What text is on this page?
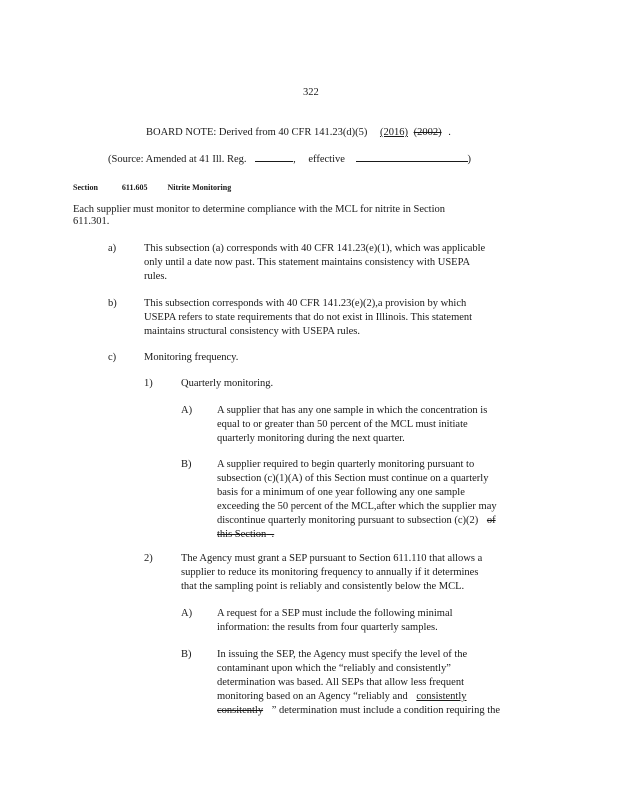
322
BOARD NOTE: Derived from 40 CFR 141.23(d)(5) (2016) (2002) .
(Source: Amended at 41 Ill. Reg.	, effective	)
Section	611.605	Nitrite Monitoring
Each supplier must monitor to determine compliance with the MCL for nitrite in Section
611.301.
a)	This subsection (a) corresponds with 40 CFR 141.23(e)(1), which was applicable
only until a date now past. This statement maintains consistency with USEPA
rules.
b)	This subsection corresponds with 40 CFR 141.23(e)(2),a provision by which
USEPA refers to state requirements that do not exist in Illinois. This statement
maintains structural consistency with USEPA rules.
c)	Monitoring frequency.
1)	Quarterly monitoring.
A) A supplier that has any one sample in which the concentration is
equal to or greater than 50 percent of the MCL must initiate
quarterly monitoring during the next quarter.
B) A supplier required to begin quarterly monitoring pursuant to
subsection (c)(1)(A) of this Section must continue on a quarterly
basis for a minimum of one year following any one sample
exceeding the 50 percent of the MCL,after which the supplier may
discontinue quarterly monitoring pursuant to subsection (c)(2) of
this Section  .
2)	The Agency must grant a SEP pursuant to Section 611.110 that allows a
supplier to reduce its monitoring frequency to annually if it determines
that the sampling point is reliably and consistently below the MCL.
A) A request for a SEP must include the following minimal
information: the results from four quarterly samples.
B) In issuing the SEP, the Agency must specify the level of the
contaminant upon which the “reliably and consistently”
determination was based. All SEPs that allow less frequent
monitoring based on an Agency “reliably and consistently
consitently ” determination must include a condition requiring the
